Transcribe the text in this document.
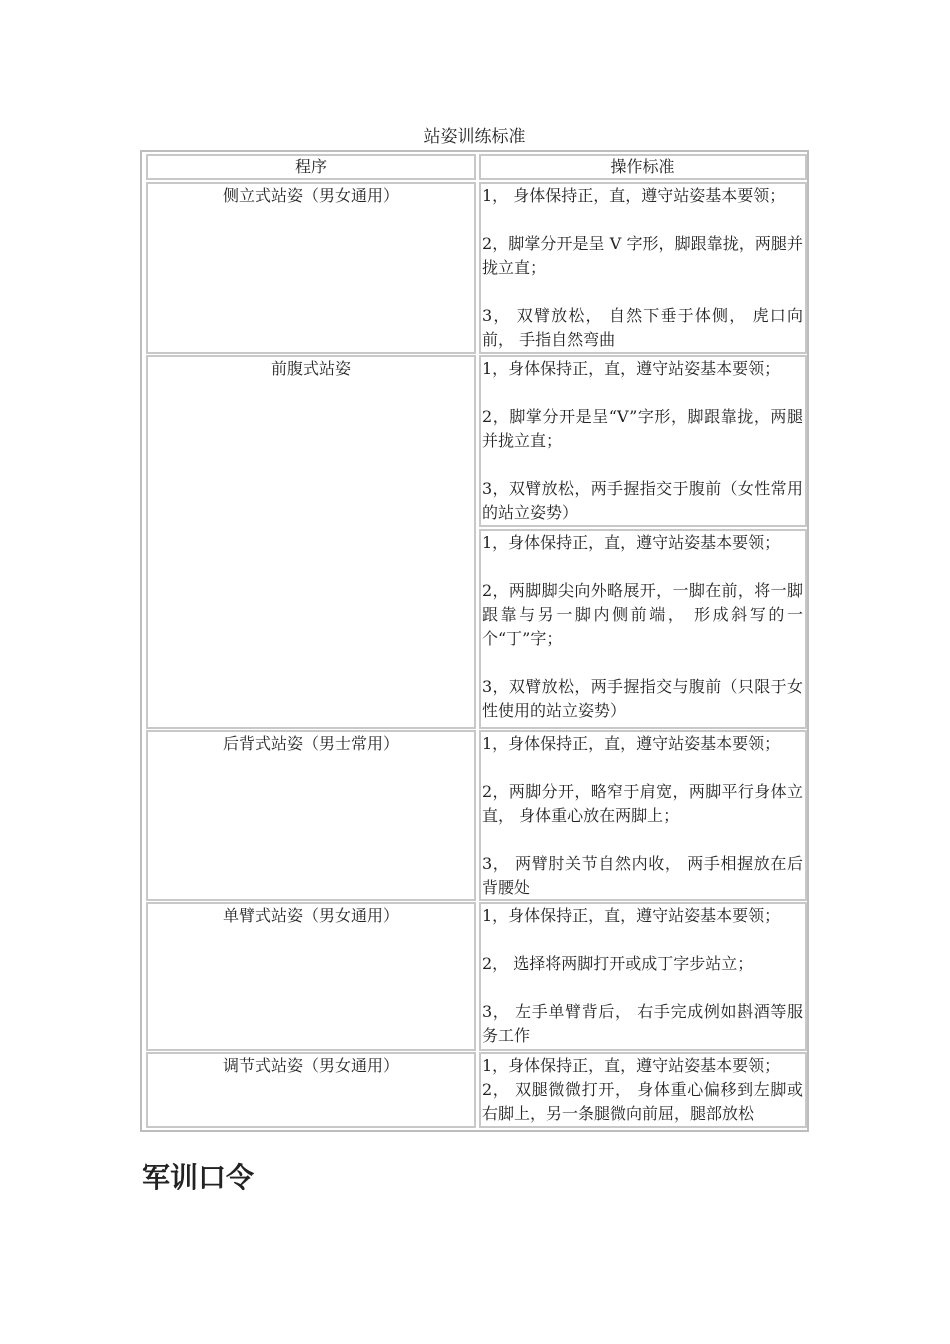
站姿训练标准
程序	操作标准
侧立式站姿（男女通用）	1， 身体保持正，直，遵守站姿基本要领；

2，脚掌分开是呈 V 字形，脚跟靠拢，两腿并拢立直；

3， 双臂放松， 自然下垂于体侧， 虎口向前， 手指自然弯曲
前腹式站姿	1，身体保持正，直，遵守站姿基本要领；

2，脚掌分开是呈“V”字形，脚跟靠拢，两腿并拢立直；

3，双臂放松，两手握指交于腹前（女性常用的站立姿势）
1，身体保持正，直，遵守站姿基本要领；

2，两脚脚尖向外略展开，一脚在前，将一脚跟靠与另一脚内侧前端， 形成斜写的一个“丁”字；

3，双臂放松，两手握指交与腹前（只限于女性使用的站立姿势）
后背式站姿（男士常用）	1，身体保持正，直，遵守站姿基本要领；

2，两脚分开，略窄于肩宽，两脚平行身体立直， 身体重心放在两脚上；

3， 两臂肘关节自然内收， 两手相握放在后背腰处
单臂式站姿（男女通用）	1，身体保持正，直，遵守站姿基本要领；

2， 选择将两脚打开或成丁字步站立；

3， 左手单臂背后， 右手完成例如斟酒等服务工作
调节式站姿（男女通用）	1，身体保持正，直，遵守站姿基本要领；
2， 双腿微微打开， 身体重心偏移到左脚或右脚上，另一条腿微向前屈，腿部放松
军训口令
